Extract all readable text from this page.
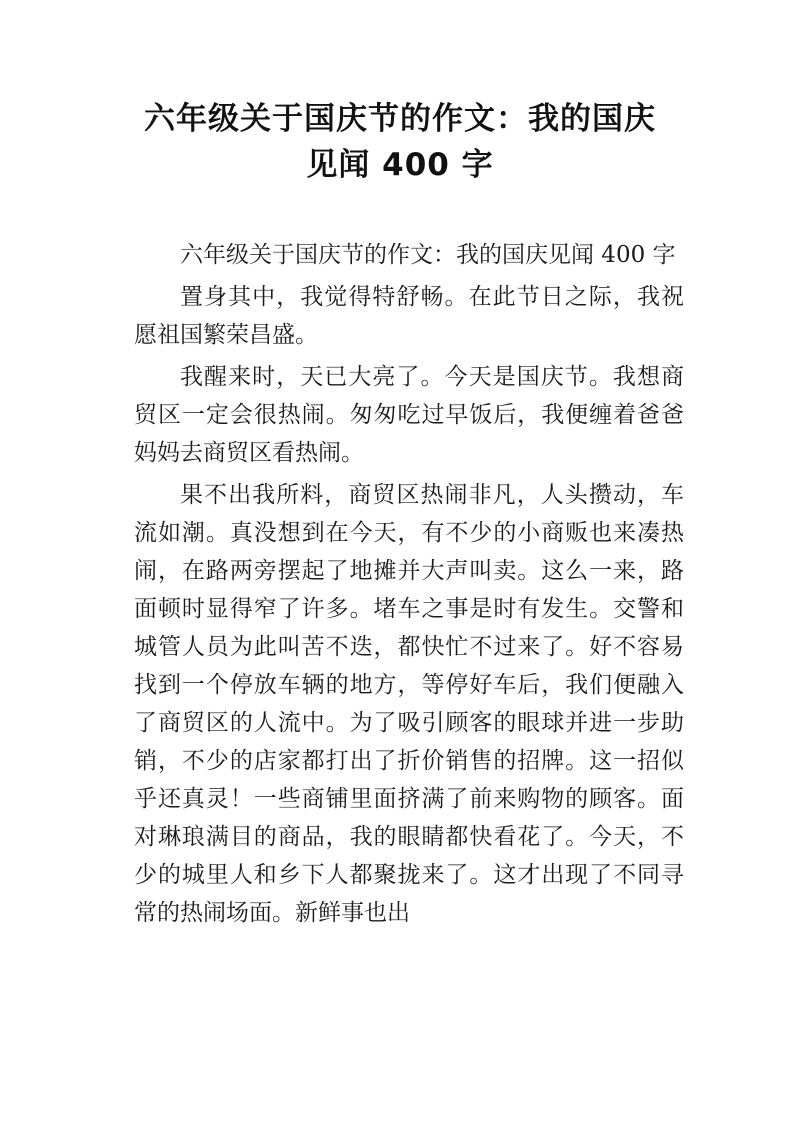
六年级关于国庆节的作文：我的国庆
见闻 400 字

六年级关于国庆节的作文：我的国庆见闻 400 字

置身其中，我觉得特舒畅。在此节日之际，我祝愿祖国繁荣昌盛。

我醒来时，天已大亮了。今天是国庆节。我想商贸区一定会很热闹。匆匆吃过早饭后，我便缠着爸爸妈妈去商贸区看热闹。

果不出我所料，商贸区热闹非凡，人头攒动，车流如潮。真没想到在今天，有不少的小商贩也来凑热闹，在路两旁摆起了地摊并大声叫卖。这么一来，路面顿时显得窄了许多。堵车之事是时有发生。交警和城管人员为此叫苦不迭，都快忙不过来了。好不容易找到一个停放车辆的地方，等停好车后，我们便融入了商贸区的人流中。为了吸引顾客的眼球并进一步助销，不少的店家都打出了折价销售的招牌。这一招似乎还真灵！一些商铺里面挤满了前来购物的顾客。面对琳琅满目的商品，我的眼睛都快看花了。今天，不少的城里人和乡下人都聚拢来了。这才出现了不同寻常的热闹场面。新鲜事也出
